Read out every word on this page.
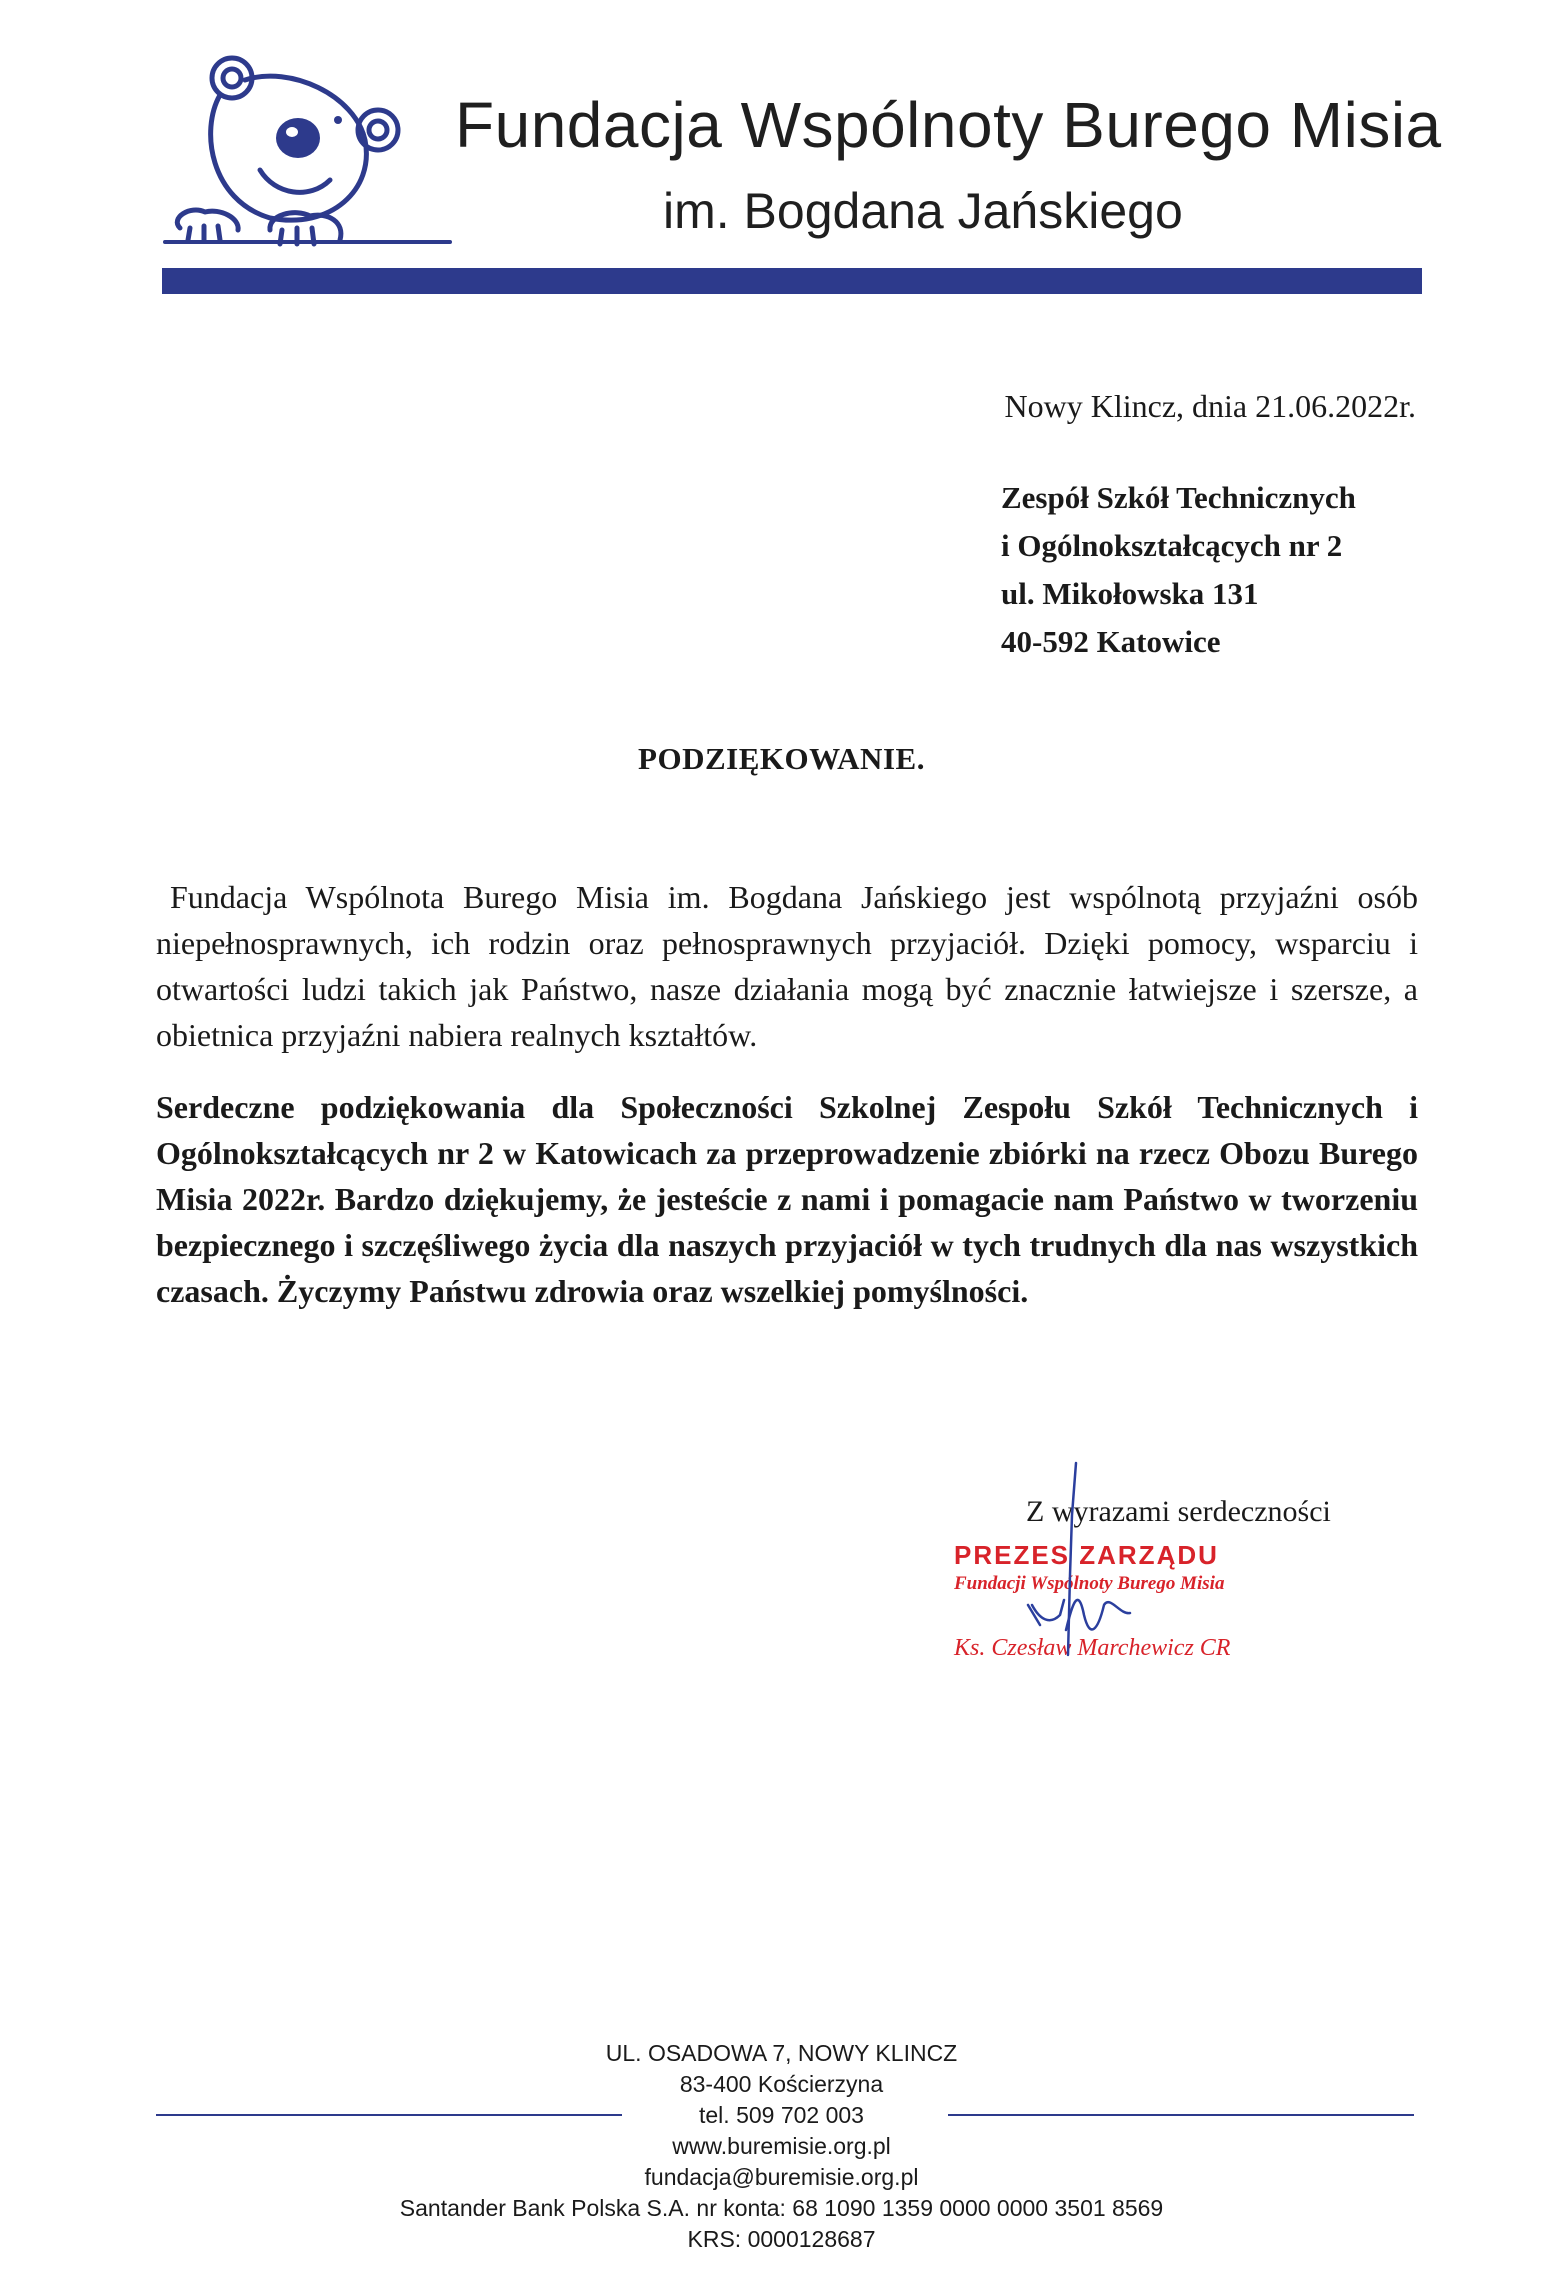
Fundacja Wspólnoty Burego Misia
im. Bogdana Jańskiego
Nowy Klincz, dnia 21.06.2022r.
Zespół Szkół Technicznych
i Ogólnokształcących nr 2
ul. Mikołowska 131
40-592 Katowice
PODZIĘKOWANIE.
Fundacja Wspólnota Burego Misia im. Bogdana Jańskiego jest wspólnotą przyjaźni osób niepełnosprawnych, ich rodzin oraz pełnosprawnych przyjaciół. Dzięki pomocy, wsparciu i otwartości ludzi takich jak Państwo, nasze działania mogą być znacznie łatwiejsze i szersze, a obietnica przyjaźni nabiera realnych kształtów.
Serdeczne podziękowania dla Społeczności Szkolnej Zespołu Szkół Technicznych i Ogólnokształcących nr 2 w Katowicach za przeprowadzenie zbiórki na rzecz Obozu Burego Misia 2022r. Bardzo dziękujemy, że jesteście z nami i pomagacie nam Państwo w tworzeniu bezpiecznego i szczęśliwego życia dla naszych przyjaciół w tych trudnych dla nas wszystkich czasach. Życzymy Państwu zdrowia oraz wszelkiej pomyślności.
Z wyrazami serdeczności
PREZES ZARZĄDU
Fundacji Wspólnoty Burego Misia
Ks. Czesław Marchewicz CR
UL. OSADOWA 7, NOWY KLINCZ
83-400 Kościerzyna
tel. 509 702 003
www.buremisie.org.pl
fundacja@buremisie.org.pl
Santander Bank Polska S.A. nr konta: 68 1090 1359 0000 0000 3501 8569
KRS: 0000128687
